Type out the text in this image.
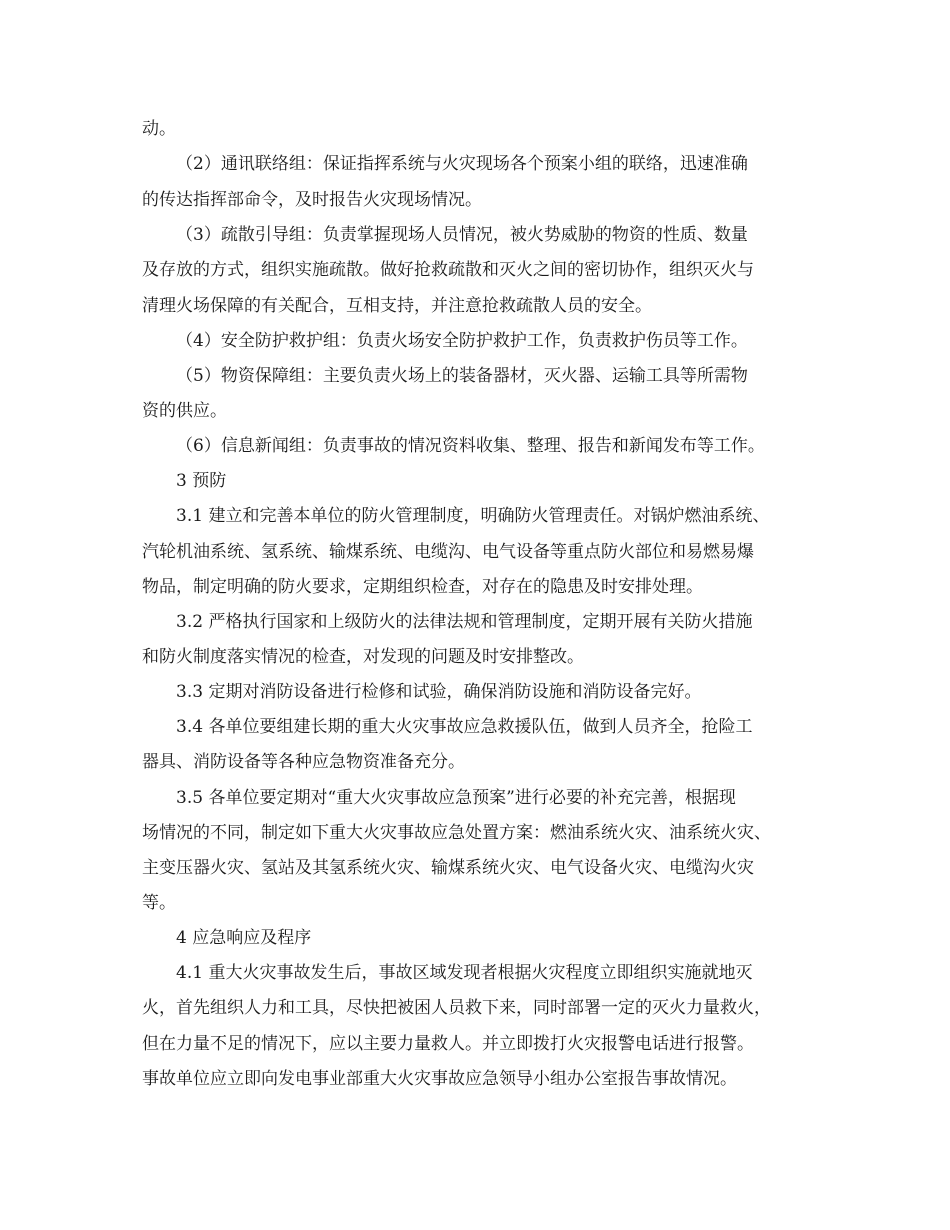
动。

（2）通讯联络组：保证指挥系统与火灾现场各个预案小组的联络，迅速准确

的传达指挥部命令，及时报告火灾现场情况。

（3）疏散引导组：负责掌握现场人员情况，被火势威胁的物资的性质、数量

及存放的方式，组织实施疏散。做好抢救疏散和灭火之间的密切协作，组织灭火与

清理火场保障的有关配合，互相支持，并注意抢救疏散人员的安全。

（4）安全防护救护组：负责火场安全防护救护工作，负责救护伤员等工作。

（5）物资保障组：主要负责火场上的装备器材，灭火器、运输工具等所需物

资的供应。

（6）信息新闻组：负责事故的情况资料收集、整理、报告和新闻发布等工作。

3 预防

3.1 建立和完善本单位的防火管理制度，明确防火管理责任。对锅炉燃油系统、

汽轮机油系统、氢系统、输煤系统、电缆沟、电气设备等重点防火部位和易燃易爆

物品，制定明确的防火要求，定期组织检查，对存在的隐患及时安排处理。

3.2 严格执行国家和上级防火的法律法规和管理制度，定期开展有关防火措施

和防火制度落实情况的检查，对发现的问题及时安排整改。

3.3 定期对消防设备进行检修和试验，确保消防设施和消防设备完好。

3.4 各单位要组建长期的重大火灾事故应急救援队伍，做到人员齐全，抢险工

器具、消防设备等各种应急物资准备充分。

3.5 各单位要定期对“重大火灾事故应急预案”进行必要的补充完善，根据现

场情况的不同，制定如下重大火灾事故应急处置方案：燃油系统火灾、油系统火灾、

主变压器火灾、氢站及其氢系统火灾、输煤系统火灾、电气设备火灾、电缆沟火灾

等。

4 应急响应及程序

4.1 重大火灾事故发生后，事故区域发现者根据火灾程度立即组织实施就地灭

火，首先组织人力和工具，尽快把被困人员救下来，同时部署一定的灭火力量救火，

但在力量不足的情况下，应以主要力量救人。并立即拨打火灾报警电话进行报警。

事故单位应立即向发电事业部重大火灾事故应急领导小组办公室报告事故情况。
